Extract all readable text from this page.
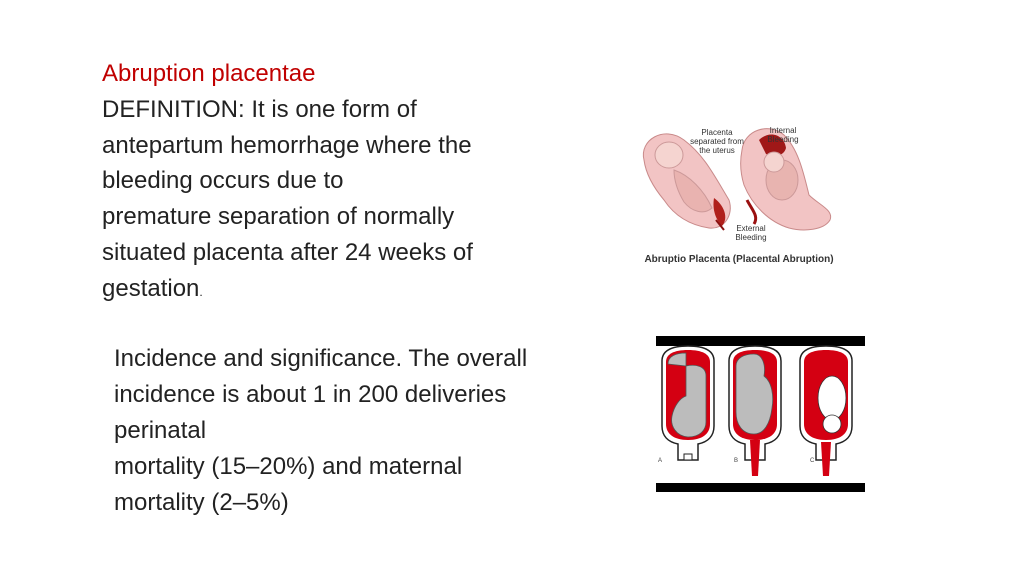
Abruption placentae
DEFINITION: It is one form of
antepartum hemorrhage where the
bleeding occurs due to
premature separation of normally
situated placenta after 24 weeks of
gestation.
Incidence and significance. The overall
incidence is about 1 in 200 deliveries
perinatal
mortality (15–20%) and maternal
mortality (2–5%)
Placenta separated from the uterus
Internal Bleeding
External Bleeding
Abruptio Placenta (Placental Abruption)
A	B	C
